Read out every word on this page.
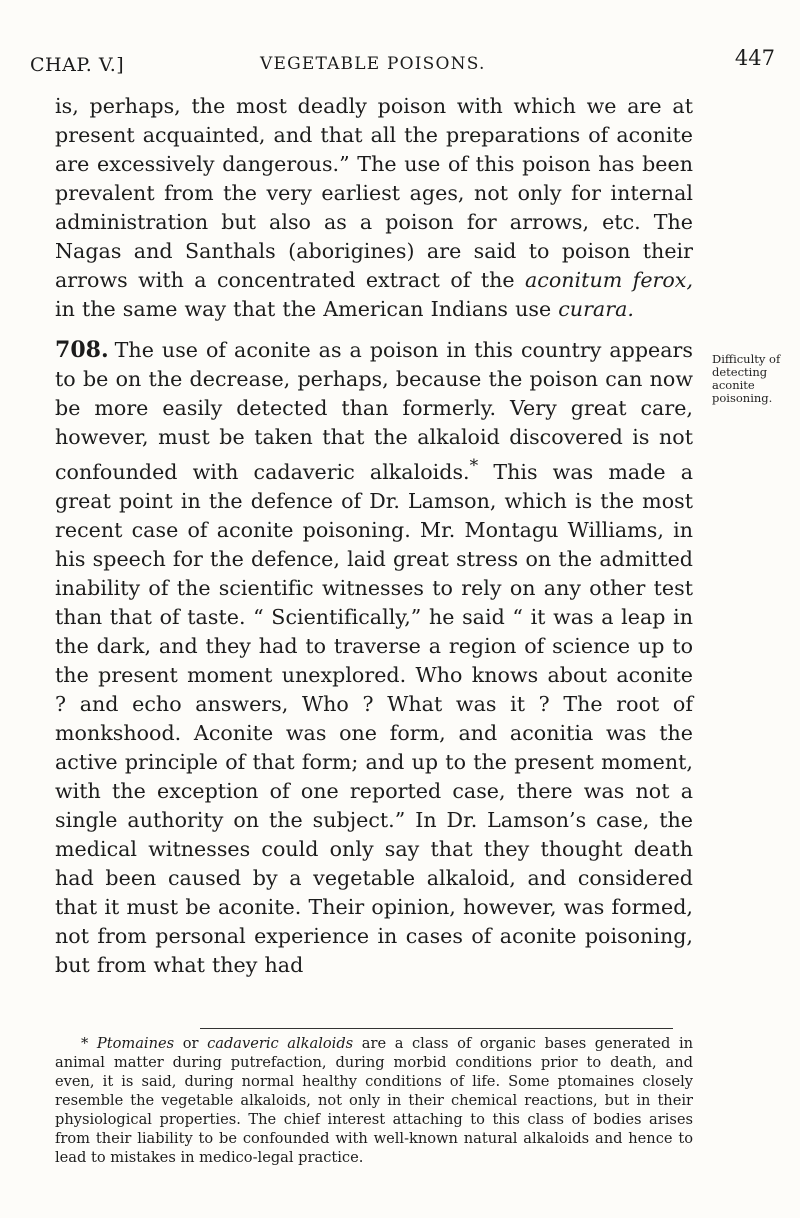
CHAP. V.]	VEGETABLE POISONS.	447

is, perhaps, the most deadly poison with which we are at present acquainted, and that all the preparations of aconite are excessively dangerous.” The use of this poison has been prevalent from the very earliest ages, not only for internal administration but also as a poison for arrows, etc. The Nagas and Santhals (aborigines) are said to poison their arrows with a concentrated extract of the aconitum ferox, in the same way that the American Indians use curara.

708. The use of aconite as a poison in this country appears to be on the decrease, perhaps, because the poison can now be more easily detected than formerly. Very great care, however, must be taken that the alkaloid discovered is not confounded with cadaveric alkaloids.* This was made a great point in the defence of Dr. Lamson, which is the most recent case of aconite poisoning. Mr. Montagu Williams, in his speech for the defence, laid great stress on the admitted inability of the scientific witnesses to rely on any other test than that of taste. “ Scientifically,” he said “ it was a leap in the dark, and they had to traverse a region of science up to the present moment unexplored. Who knows about aconite ? and echo answers, Who ? What was it ? The root of monkshood. Aconite was one form, and aconitia was the active principle of that form; and up to the present moment, with the exception of one reported case, there was not a single authority on the subject.” In Dr. Lamson’s case, the medical witnesses could only say that they thought death had been caused by a vegetable alkaloid, and considered that it must be aconite. Their opinion, however, was formed, not from personal experience in cases of aconite poisoning, but from what they had

Difficulty of detecting aconite poisoning.
* Ptomaines or cadaveric alkaloids are a class of organic bases generated in animal matter during putrefaction, during morbid conditions prior to death, and even, it is said, during normal healthy conditions of life. Some ptomaines closely resemble the vegetable alkaloids, not only in their chemical reactions, but in their physiological properties. The chief interest attaching to this class of bodies arises from their liability to be confounded with well-known natural alkaloids and hence to lead to mistakes in medico-legal practice.
